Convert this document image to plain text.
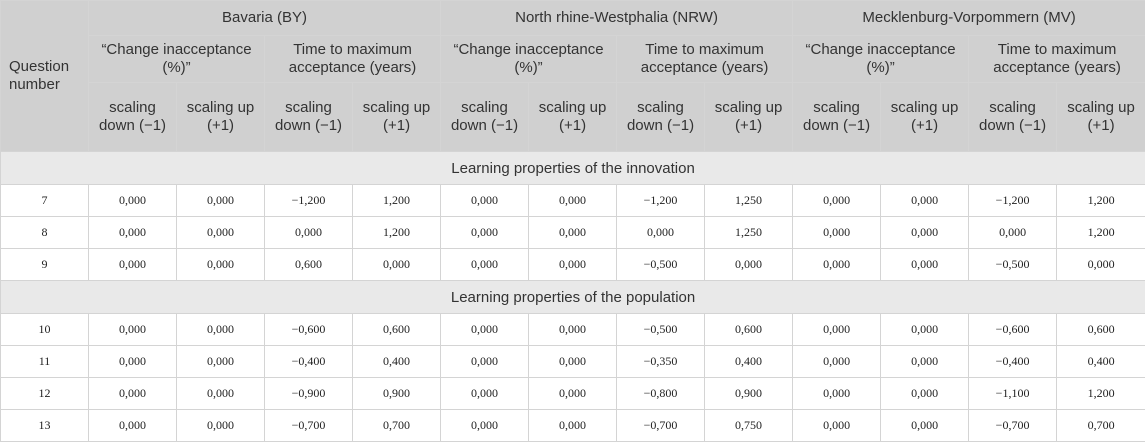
Question number	Bavaria (BY)				North rhine-Westphalia (NRW)				Mecklenburg-Vorpommern (MV)			
	“Change inacceptance (%)”		Time to maximum acceptance (years)		“Change inacceptance (%)”		Time to maximum acceptance (years)		“Change inacceptance (%)”		Time to maximum acceptance (years)	
	scaling down (−1)	scaling up (+1)	scaling down (−1)	scaling up (+1)	scaling down (−1)	scaling up (+1)	scaling down (−1)	scaling up (+1)	scaling down (−1)	scaling up (+1)	scaling down (−1)	scaling up (+1)
Learning properties of the innovation												
7	0,000	0,000	−1,200	1,200	0,000	0,000	−1,200	1,250	0,000	0,000	−1,200	1,200
8	0,000	0,000	0,000	1,200	0,000	0,000	0,000	1,250	0,000	0,000	0,000	1,200
9	0,000	0,000	0,600	0,000	0,000	0,000	−0,500	0,000	0,000	0,000	−0,500	0,000
Learning properties of the population												
10	0,000	0,000	−0,600	0,600	0,000	0,000	−0,500	0,600	0,000	0,000	−0,600	0,600
11	0,000	0,000	−0,400	0,400	0,000	0,000	−0,350	0,400	0,000	0,000	−0,400	0,400
12	0,000	0,000	−0,900	0,900	0,000	0,000	−0,800	0,900	0,000	0,000	−1,100	1,200
13	0,000	0,000	−0,700	0,700	0,000	0,000	−0,700	0,750	0,000	0,000	−0,700	0,700
